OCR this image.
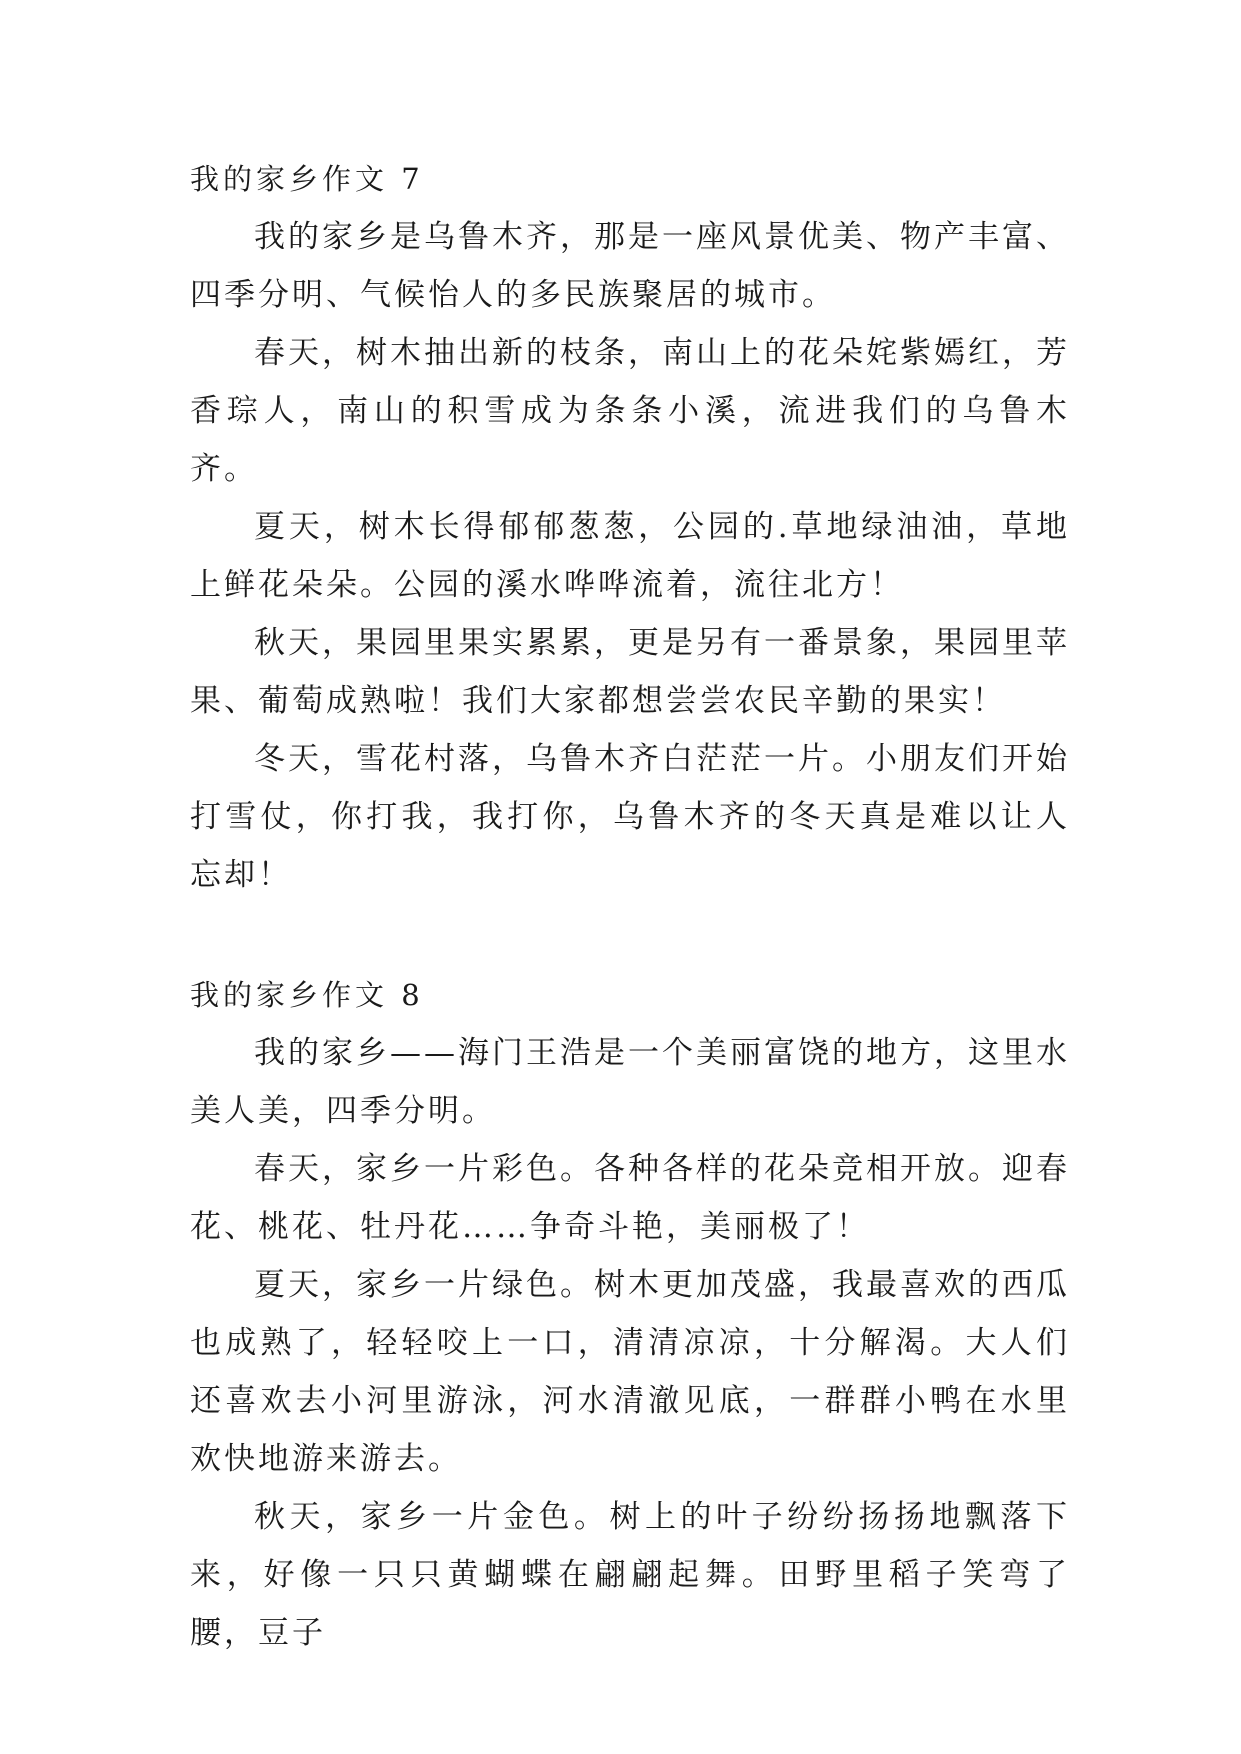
我的家乡作文 7

我的家乡是乌鲁木齐，那是一座风景优美、物产丰富、四季分明、气候怡人的多民族聚居的城市。

春天，树木抽出新的枝条，南山上的花朵姹紫嫣红，芳香琮人，南山的积雪成为条条小溪，流进我们的乌鲁木齐。

夏天，树木长得郁郁葱葱，公园的.草地绿油油，草地上鲜花朵朵。公园的溪水哗哗流着，流往北方！

秋天，果园里果实累累，更是另有一番景象，果园里苹果、葡萄成熟啦！我们大家都想尝尝农民辛勤的果实！

冬天，雪花村落，乌鲁木齐白茫茫一片。小朋友们开始打雪仗，你打我，我打你，乌鲁木齐的冬天真是难以让人忘却！

我的家乡作文 8

我的家乡——海门王浩是一个美丽富饶的地方，这里水美人美，四季分明。

春天，家乡一片彩色。各种各样的花朵竞相开放。迎春花、桃花、牡丹花……争奇斗艳，美丽极了！

夏天，家乡一片绿色。树木更加茂盛，我最喜欢的西瓜也成熟了，轻轻咬上一口，清清凉凉，十分解渴。大人们还喜欢去小河里游泳，河水清澈见底，一群群小鸭在水里欢快地游来游去。

秋天，家乡一片金色。树上的叶子纷纷扬扬地飘落下来，好像一只只黄蝴蝶在翩翩起舞。田野里稻子笑弯了腰，豆子
